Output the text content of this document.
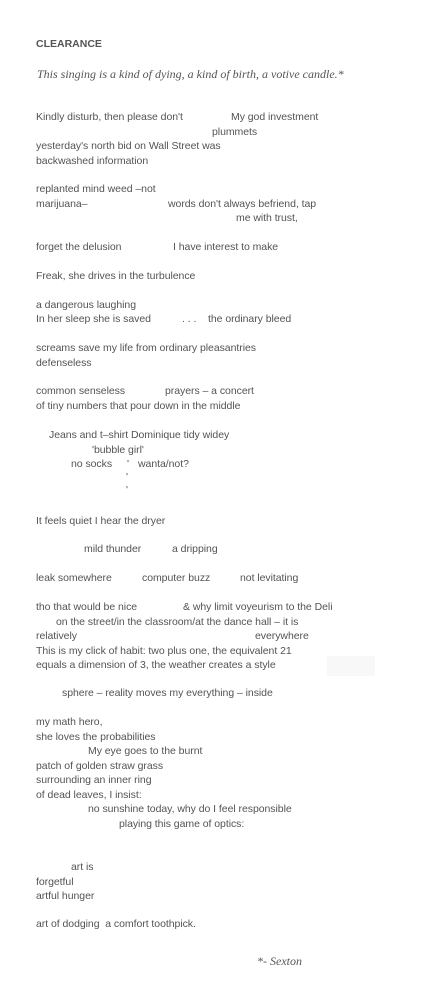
CLEARANCE
This singing is a kind of dying, a kind of birth, a votive candle.*
Kindly disturb, then please don't	My god investment
plummets
yesterday's north bid on Wall Street was
backwashed information
replanted mind weed –not
marijuana–	words don't always befriend, tap
me with trust,
forget the delusion	I have interest to make
Freak, she drives in the turbulence
a dangerous laughing
In her sleep she is saved	. . . the ordinary bleed
screams save my life from ordinary pleasantries
defenseless
common senseless	prayers – a concert
of tiny numbers that pour down in the middle
Jeans and t–shirt Dominique tidy widey
'bubble girl'
no socks ' wanta/not?
'
'
It feels quiet I hear the dryer
mild thunder	a dripping
leak somewhere	computer buzz	not levitating
tho that would be nice	& why limit voyeurism to the Deli
on the street/in the classroom/at the dance hall – it is
relatively	everywhere
This is my click of habit: two plus one, the equivalent 21
equals a dimension of 3, the weather creates a style
sphere – reality moves my everything – inside
my math hero,
she loves the probabilities
My eye goes to the burnt
patch of golden straw grass
surrounding an inner ring
of dead leaves, I insist:
no sunshine today, why do I feel responsible
playing this game of optics:
art is
forgetful
artful hunger
art of dodging  a comfort toothpick.
*- Sexton
